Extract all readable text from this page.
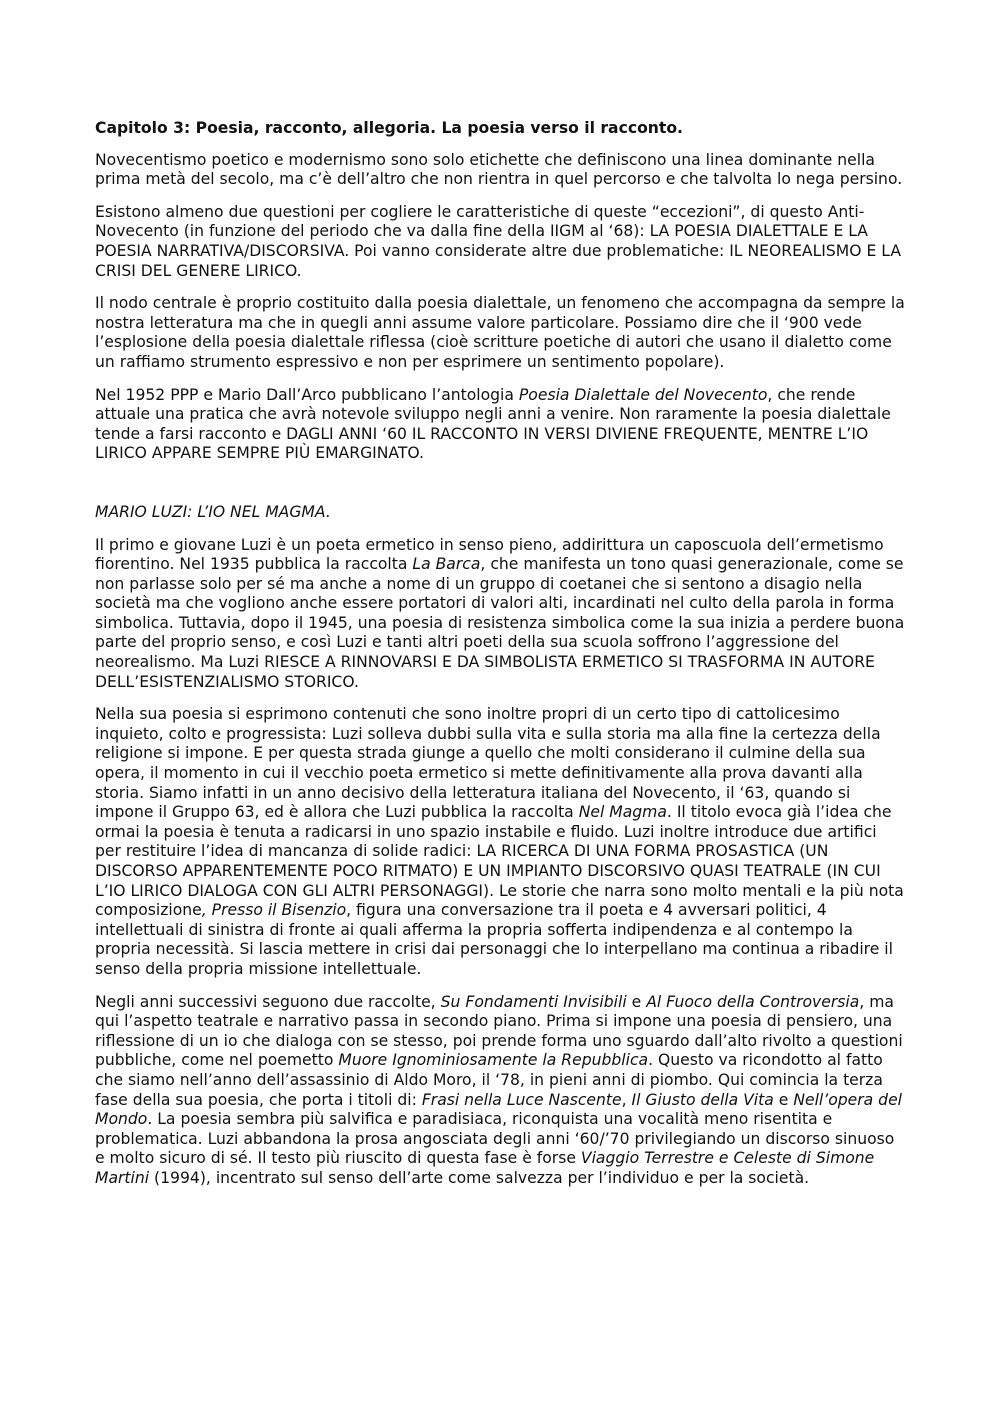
Capitolo 3: Poesia, racconto, allegoria. La poesia verso il racconto.

Novecentismo poetico e modernismo sono solo etichette che definiscono una linea dominante nella prima metà del secolo, ma c’è dell’altro che non rientra in quel percorso e che talvolta lo nega persino.

Esistono almeno due questioni per cogliere le caratteristiche di queste “eccezioni”, di questo Anti-Novecento (in funzione del periodo che va dalla fine della IIGM al ‘68): LA POESIA DIALETTALE E LA POESIA NARRATIVA/DISCORSIVA. Poi vanno considerate altre due problematiche: IL NEOREALISMO E LA CRISI DEL GENERE LIRICO.

Il nodo centrale è proprio costituito dalla poesia dialettale, un fenomeno che accompagna da sempre la nostra letteratura ma che in quegli anni assume valore particolare. Possiamo dire che il ‘900 vede l’esplosione della poesia dialettale riflessa (cioè scritture poetiche di autori che usano il dialetto come un raffiamo strumento espressivo e non per esprimere un sentimento popolare).

Nel 1952 PPP e Mario Dall’Arco pubblicano l’antologia Poesia Dialettale del Novecento, che rende attuale una pratica che avrà notevole sviluppo negli anni a venire. Non raramente la poesia dialettale tende a farsi racconto e DAGLI ANNI ‘60 IL RACCONTO IN VERSI DIVIENE FREQUENTE, MENTRE L’IO LIRICO APPARE SEMPRE PIÙ EMARGINATO.

MARIO LUZI: L’IO NEL MAGMA.

Il primo e giovane Luzi è un poeta ermetico in senso pieno, addirittura un caposcuola dell’ermetismo fiorentino. Nel 1935 pubblica la raccolta La Barca, che manifesta un tono quasi generazionale, come se non parlasse solo per sé ma anche a nome di un gruppo di coetanei che si sentono a disagio nella società ma che vogliono anche essere portatori di valori alti, incardinati nel culto della parola in forma simbolica. Tuttavia, dopo il 1945, una poesia di resistenza simbolica come la sua inizia a perdere buona parte del proprio senso, e così Luzi e tanti altri poeti della sua scuola soffrono l’aggressione del neorealismo. Ma Luzi RIESCE A RINNOVARSI E DA SIMBOLISTA ERMETICO SI TRASFORMA IN AUTORE DELL’ESISTENZIALISMO STORICO.

Nella sua poesia si esprimono contenuti che sono inoltre propri di un certo tipo di cattolicesimo inquieto, colto e progressista: Luzi solleva dubbi sulla vita e sulla storia ma alla fine la certezza della religione si impone. E per questa strada giunge a quello che molti considerano il culmine della sua opera, il momento in cui il vecchio poeta ermetico si mette definitivamente alla prova davanti alla storia. Siamo infatti in un anno decisivo della letteratura italiana del Novecento, il ‘63, quando si impone il Gruppo 63, ed è allora che Luzi pubblica la raccolta Nel Magma. Il titolo evoca già l’idea che ormai la poesia è tenuta a radicarsi in uno spazio instabile e fluido. Luzi inoltre introduce due artifici per restituire l’idea di mancanza di solide radici: LA RICERCA DI UNA FORMA PROSASTICA (UN DISCORSO APPARENTEMENTE POCO RITMATO) E UN IMPIANTO DISCORSIVO QUASI TEATRALE (IN CUI L’IO LIRICO DIALOGA CON GLI ALTRI PERSONAGGI). Le storie che narra sono molto mentali e la più nota composizione, Presso il Bisenzio, figura una conversazione tra il poeta e 4 avversari politici, 4 intellettuali di sinistra di fronte ai quali afferma la propria sofferta indipendenza e al contempo la propria necessità. Si lascia mettere in crisi dai personaggi che lo interpellano ma continua a ribadire il senso della propria missione intellettuale.

Negli anni successivi seguono due raccolte, Su Fondamenti Invisibili e Al Fuoco della Controversia, ma qui l’aspetto teatrale e narrativo passa in secondo piano. Prima si impone una poesia di pensiero, una riflessione di un io che dialoga con se stesso, poi prende forma uno sguardo dall’alto rivolto a questioni pubbliche, come nel poemetto Muore Ignominiosamente la Repubblica. Questo va ricondotto al fatto che siamo nell’anno dell’assassinio di Aldo Moro, il ‘78, in pieni anni di piombo. Qui comincia la terza fase della sua poesia, che porta i titoli di: Frasi nella Luce Nascente, Il Giusto della Vita e Nell’opera del Mondo. La poesia sembra più salvifica e paradisiaca, riconquista una vocalità meno risentita e problematica. Luzi abbandona la prosa angosciata degli anni ‘60/’70 privilegiando un discorso sinuoso e molto sicuro di sé. Il testo più riuscito di questa fase è forse Viaggio Terrestre e Celeste di Simone Martini (1994), incentrato sul senso dell’arte come salvezza per l’individuo e per la società.
